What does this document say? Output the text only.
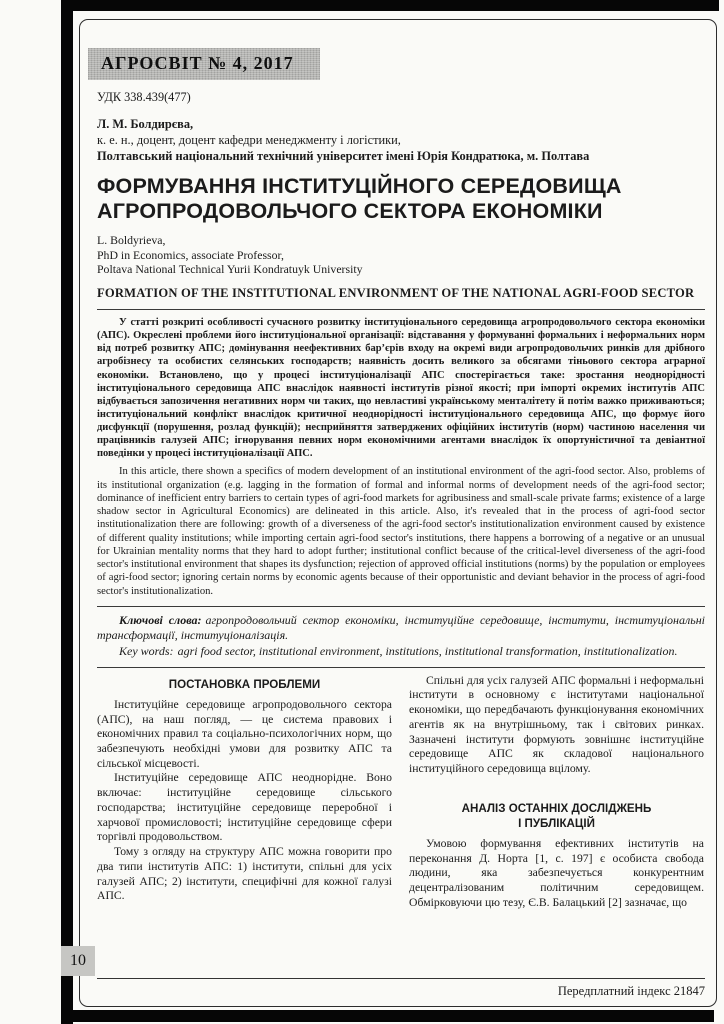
АГРОСВІТ № 4, 2017
УДК 338.439(477)
Л. М. Болдирєва,
к. е. н., доцент, доцент кафедри менеджменту і логістики,
Полтавський національний технічний університет імені Юрія Кондратюка, м. Полтава
ФОРМУВАННЯ ІНСТИТУЦІЙНОГО СЕРЕДОВИЩА АГРОПРОДОВОЛЬЧОГО СЕКТОРА ЕКОНОМІКИ
L. Boldyrieva,
PhD in Economics, associate Professor,
Poltava National Technical Yurii Kondratuyk University
FORMATION OF THE INSTITUTIONAL ENVIRONMENT OF THE NATIONAL AGRI-FOOD SECTOR

У статті розкриті особливості сучасного розвитку інституціонального середовища агропродовольчого сектора економіки (АПС). Окреслені проблеми його інституціональної організації: відставання у формуванні формальних і неформальних норм від потреб розвитку АПС; домінування неефективних бар’єрів входу на окремі види агропродовольчих ринків для дрібного агробізнесу та особистих селянських господарств; наявність досить великого за обсягами тіньового сектора аграрної економіки. Встановлено, що у процесі інституціоналізації АПС спостерігається таке: зростання неоднорідності інституціонального середовища АПС внаслідок наявності інститутів різної якості; при імпорті окремих інститутів АПС відбувається запозичення негативних норм чи таких, що невластиві українському менталітету й потім важко приживаються; інституціональний конфлікт внаслідок критичної неоднорідності інституціонального середовища АПС, що формує його дисфункції (порушення, розлад функцій); несприйняття затверджених офіційних інститутів (норм) частиною населення чи працівників галузей АПС; ігнорування певних норм економічними агентами внаслідок їх опортуністичної та девіантної поведінки у процесі інституціоналізації АПС.

In this article, there shown a specifics of modern development of an institutional environment of the agri-food sector. Also, problems of its institutional organization (e.g. lagging in the formation of formal and informal norms of development needs of the agri-food sector; dominance of inefficient entry barriers to certain types of agri-food markets for agribusiness and small-scale private farms; existence of a large shadow sector in Agricultural Economics) are delineated in this article. Also, it's revealed that in the process of agri-food sector institutionalization there are following: growth of a diverseness of the agri-food sector's institutionalization environment caused by existence of different quality institutions; while importing certain agri-food sector's institutions, there happens a borrowing of a negative or an unusual for Ukrainian mentality norms that they hard to adopt further; institutional conflict because of the critical-level diverseness of the agri-food sector's institutional environment that shapes its dysfunction; rejection of approved official institutions (norms) by the population or employees of agri-food sector; ignoring certain norms by economic agents because of their opportunistic and deviant behavior in the process of agri-food sector's institutionalization.

Ключові слова: агропродовольчий сектор економіки, інституційне середовище, інститути, інституціональні трансформації, інституціоналізація.

Key words: agri food sector, institutional environment, institutions, institutional transformation, institutionalization.

ПОСТАНОВКА ПРОБЛЕМИ

Інституційне середовище агропродовольчого сектора (АПС), на наш погляд, — це система правових і економічних правил та соціально-психологічних норм, що забезпечують необхідні умови для розвитку АПС та сільської місцевості.

Інституційне середовище АПС неоднорідне. Воно включає: інституційне середовище сільського господарства; інституційне середовище переробної і харчової промисловості; інституційне середовище сфери торгівлі продовольством.

Тому з огляду на структуру АПС можна говорити про два типи інститутів АПС: 1) інститути, спільні для усіх галузей АПС; 2) інститути, специфічні для кожної галузі АПС.

Спільні для усіх галузей АПС формальні і неформальні інститути в основному є інститутами національної економіки, що передбачають функціонування економічних агентів як на внутрішньому, так і світових ринках. Зазначені інститути формують зовнішнє інституційне середовище АПС як складової національного інституційного середовища вцілому.

АНАЛІЗ ОСТАННІХ ДОСЛІДЖЕНЬ
І ПУБЛІКАЦІЙ

Умовою формування ефективних інститутів на переконання Д. Норта [1, с. 197] є особиста свобода людини, яка забезпечується конкурентним децентралізованим політичним середовищем. Обмірковуючи цю тезу, Є.В. Балацький [2] зазначає, що

10
Передплатний індекс 21847
